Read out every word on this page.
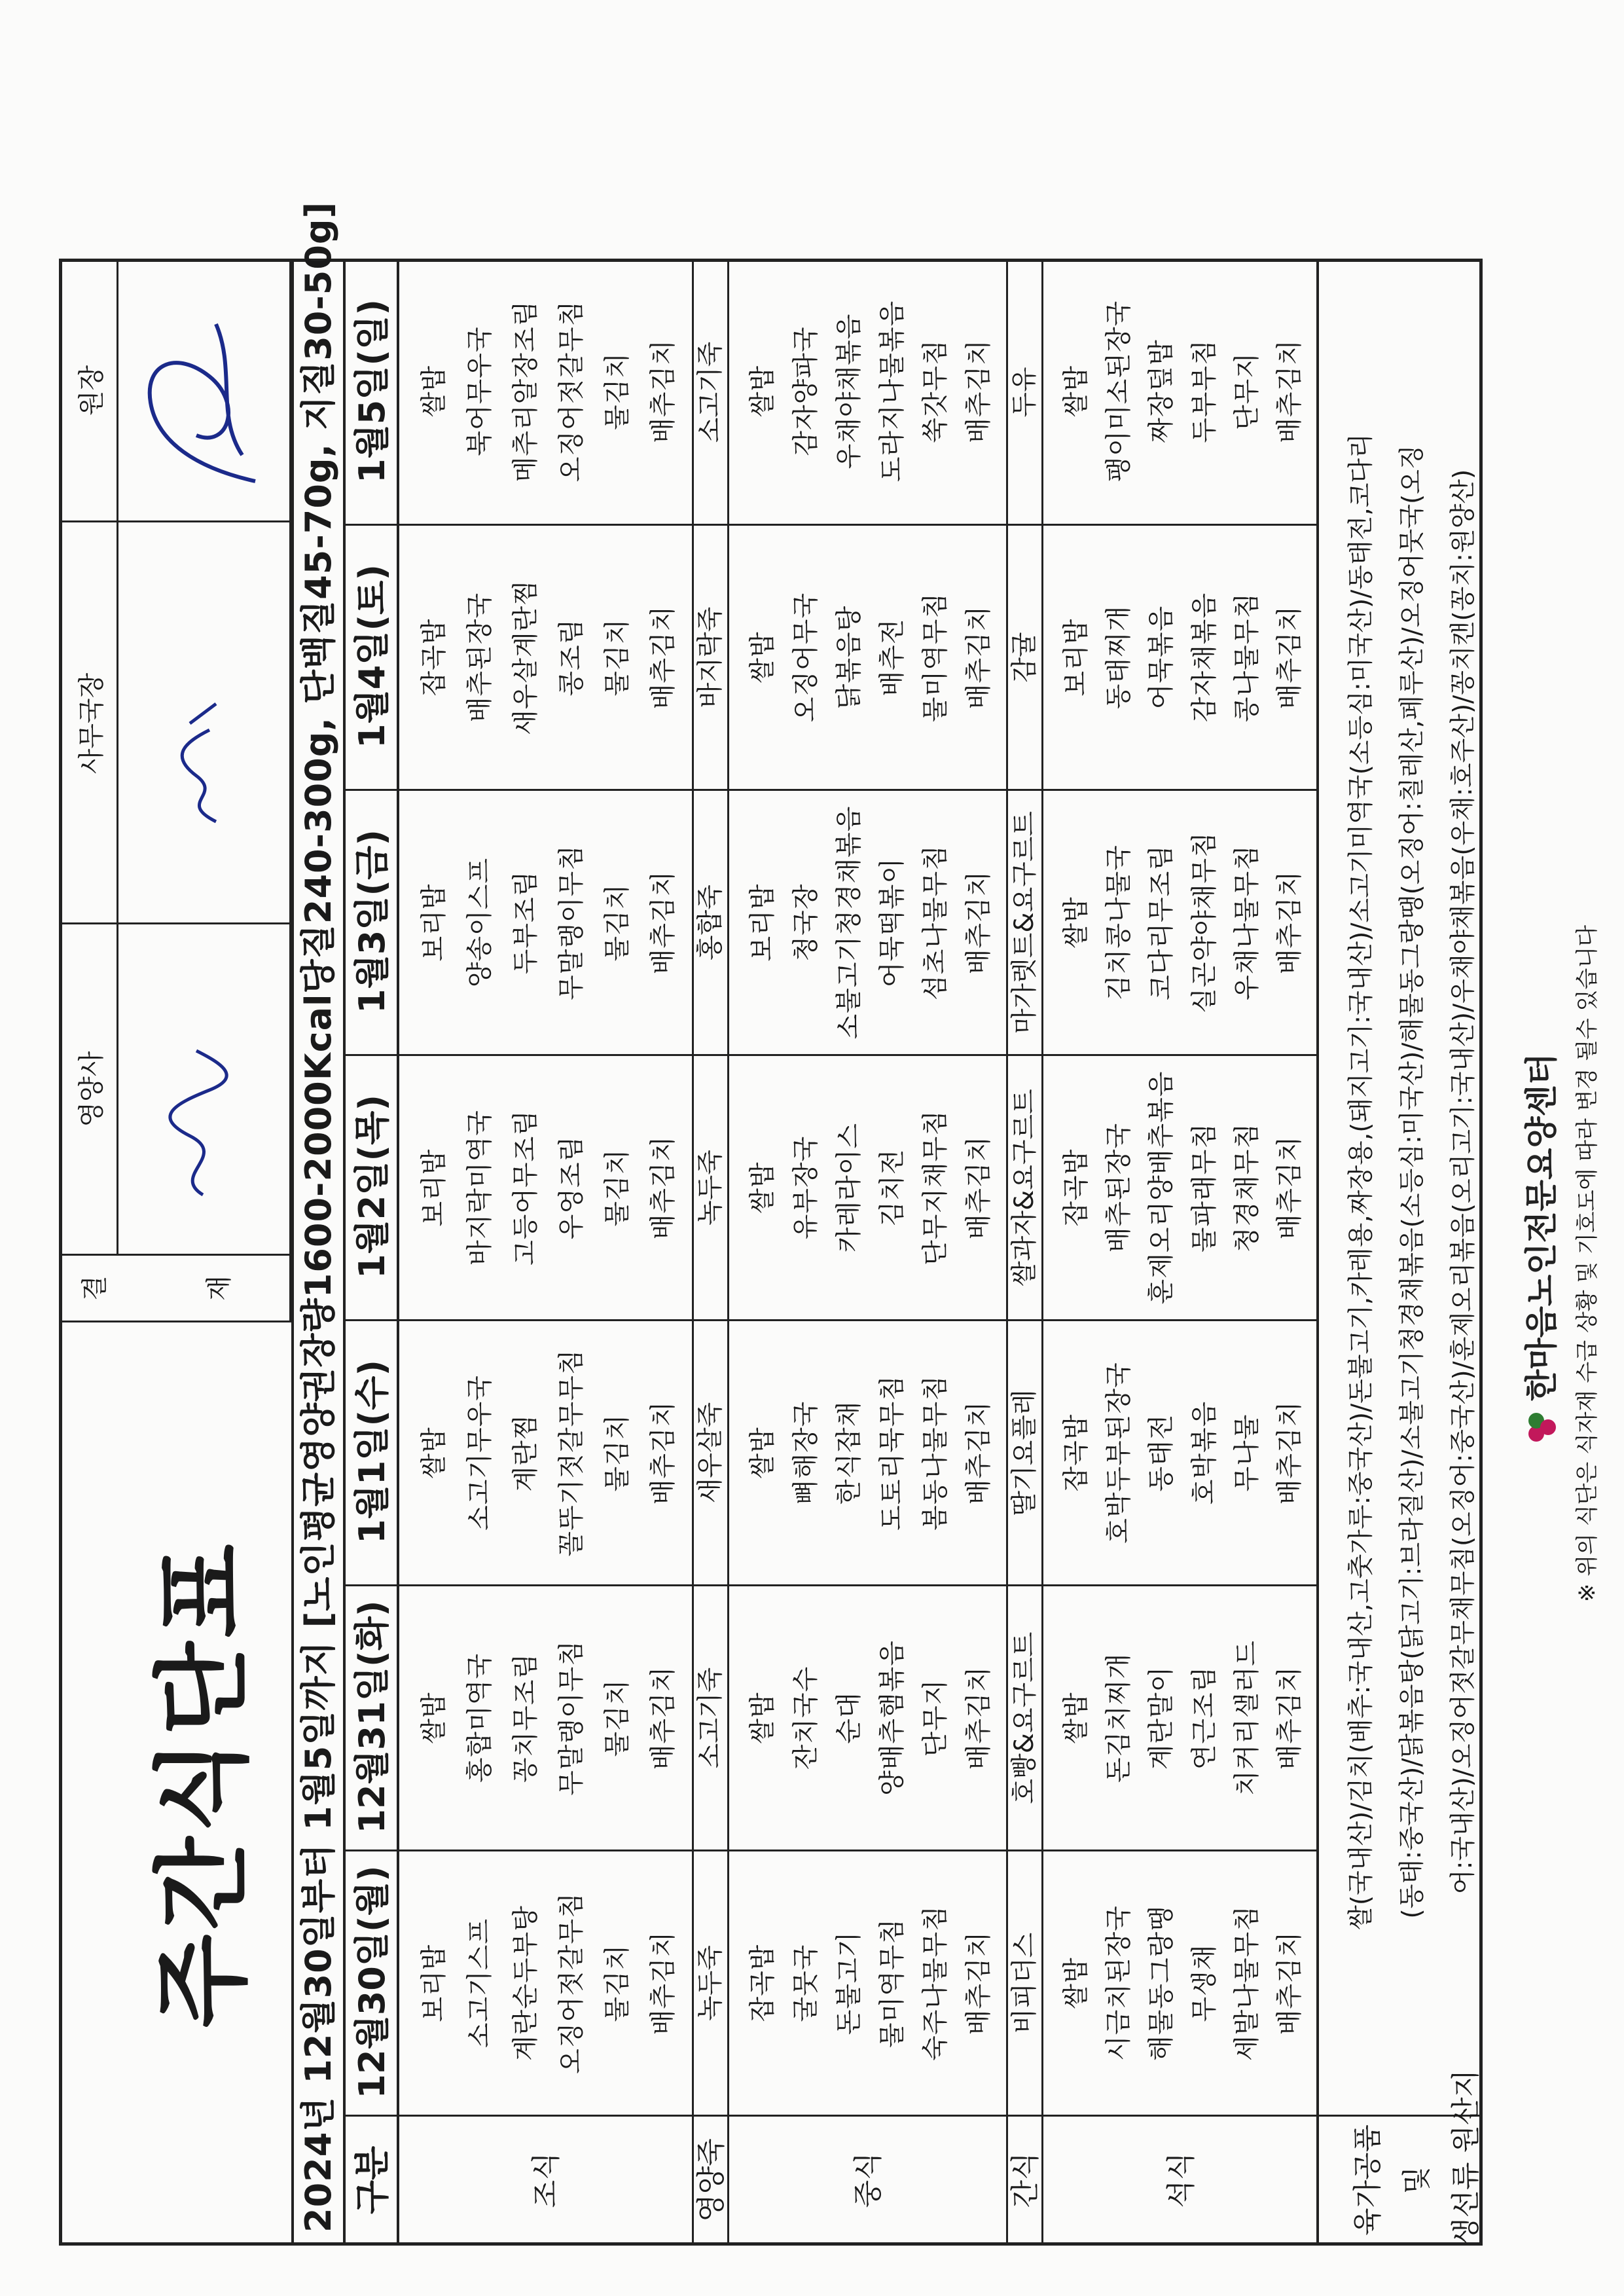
주간식단표
결	재
영양사
사무국장
원장	2024년 12월30일부터 1월5일까지 [노인평균영양권장량1600-2000Kcal당질240-300g, 단백질45-70g, 지질30-50g] 구분
12월30일(월)
12월31일(화)
1월1일(수)
1월2일(목)
1월3일(금)
1월4일(토)
1월5일(일)
조식
보리밥 소고기스프 계란순두부탕 오징어젓갈무침 물김치 배추김치
쌀밥 홍합미역국 꽁치무조림 무말랭이무침 물김치 배추김치
쌀밥 소고기무우국 계란찜 꼴뚜기젓갈무무침 물김치 배추김치
보리밥 바지락미역국 고등어무조림 우엉조림 물김치 배추김치
보리밥 양송이스프 두부조림 무말랭이무침 물김치 배추김치
잡곡밥 배추된장국 새우살계란찜 콩조림 물김치 배추김치
쌀밥 북어무우국 메추리알장조림 오징어젓갈무침 물김치 배추김치
영양죽
녹두죽
소고기죽
새우살죽
녹두죽
홍합죽
바지락죽
소고기죽
중식
잡곡밥 굴뭇국 돈불고기 물미역무침 숙주나물무침 배추김치
쌀밥 잔치국수 순대 양배추햄볶음 단무지 배추김치
쌀밥 뼈해장국 한식잡채 도토리묵무침 봄동나물무침 배추김치
쌀밥 유부장국 카레라이스 김치전 단무지채무침 배추김치
보리밥 청국장 소불고기청경채볶음 어묵떡볶이 섬초나물무침 배추김치
쌀밥 오징어무국 닭볶음탕 배추전 물미역무침 배추김치
쌀밥 감자양파국 우채야채볶음 도라지나물볶음 쑥갓무침 배추김치
간식
비피더스
호빵&요구르트
딸기요플레
쌀과자&요구르트
마가렛트&요구르트
감귤
두유
석식
쌀밥 시금치된장국 해물동그랑땡 무생채 세발나물무침 배추김치
쌀밥 돈김치찌개 계란말이 연근조림 치커리샐러드 배추김치
잡곡밥 호박두부된장국 동태전 호박볶음 무나물 배추김치
잡곡밥 배추된장국 훈제오리양배추볶음 물파래무침 청경채무침 배추김치
쌀밥 김치콩나물국 코다리무조림 실곤약야채무침 우채나물무침 배추김치
보리밥 동태찌개 어묵볶음 감자채볶음 콩나물무침 배추김치
쌀밥 팽이미소된장국 짜장덮밥 두부부침 단무지 배추김치
육가공품 및 생선류 원산지
쌀(국내산)/김치(배추:국내산,고춧가루:중국산)/돈불고기,카레용,짜장용,(돼지고기:국내산)/소고기미역국(소등심:미국산)/동태전,코다리 (동태:중국산)/닭볶음탕(닭고기:브라질산)/소불고기청경채볶음(소등심:미국산)/해물동그랑땡(오징어:칠레산,페루산)/오징어뭇국(오징 어:국내산)/오징어젓갈무채무침(오징어:중국산)/훈제오리볶음(오리고기:국내산)/우채야채볶음(우채:호주산)/꽁치캔(꽁치:원양산) 한마음노인전문요양센터 ※ 위의 식단은 식자재 수급 상황 및 기호도에 따라 변경 될수 있습니다
